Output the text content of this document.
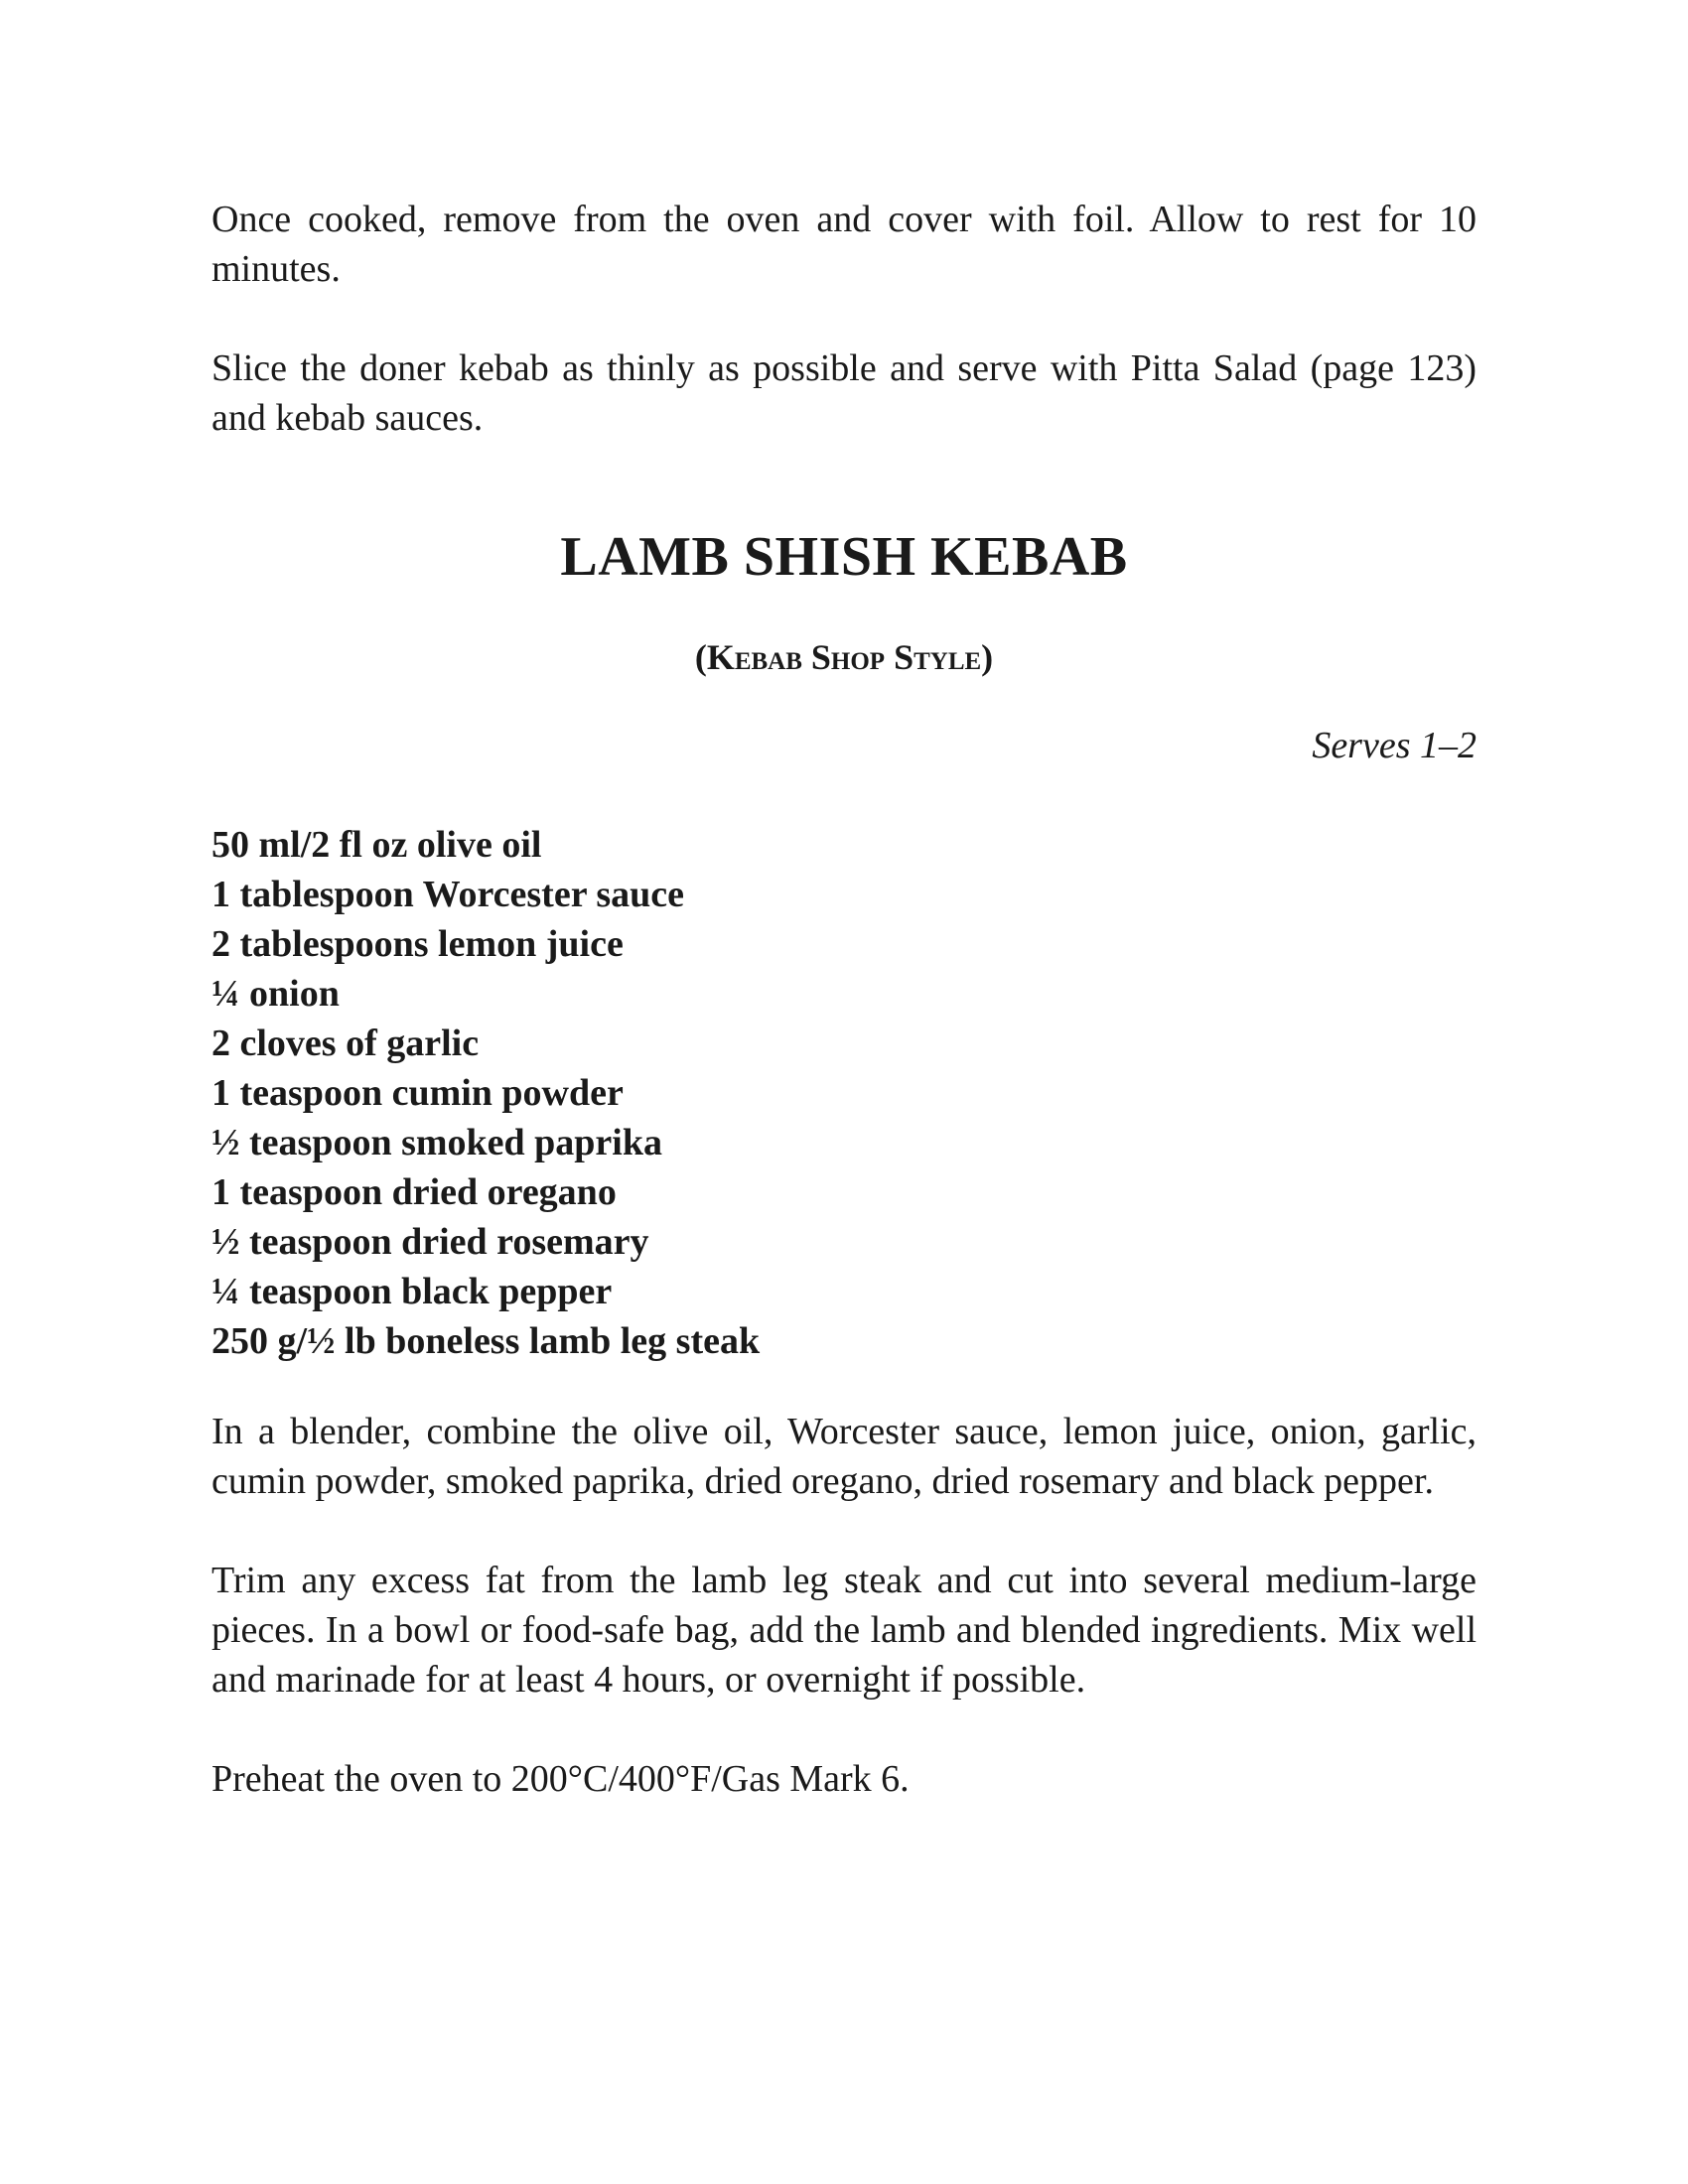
Once cooked, remove from the oven and cover with foil. Allow to rest for 10 minutes.

Slice the doner kebab as thinly as possible and serve with Pitta Salad (page 123) and kebab sauces.

LAMB SHISH KEBAB
(Kebab Shop Style)
Serves 1–2
50 ml/2 fl oz olive oil
1 tablespoon Worcester sauce
2 tablespoons lemon juice
¼ onion
2 cloves of garlic
1 teaspoon cumin powder
½ teaspoon smoked paprika
1 teaspoon dried oregano
½ teaspoon dried rosemary
¼ teaspoon black pepper
250 g/½ lb boneless lamb leg steak

In a blender, combine the olive oil, Worcester sauce, lemon juice, onion, garlic, cumin powder, smoked paprika, dried oregano, dried rosemary and black pepper.

Trim any excess fat from the lamb leg steak and cut into several medium-large pieces. In a bowl or food-safe bag, add the lamb and blended ingredients. Mix well and marinade for at least 4 hours, or overnight if possible.

Preheat the oven to 200°C/400°F/Gas Mark 6.
